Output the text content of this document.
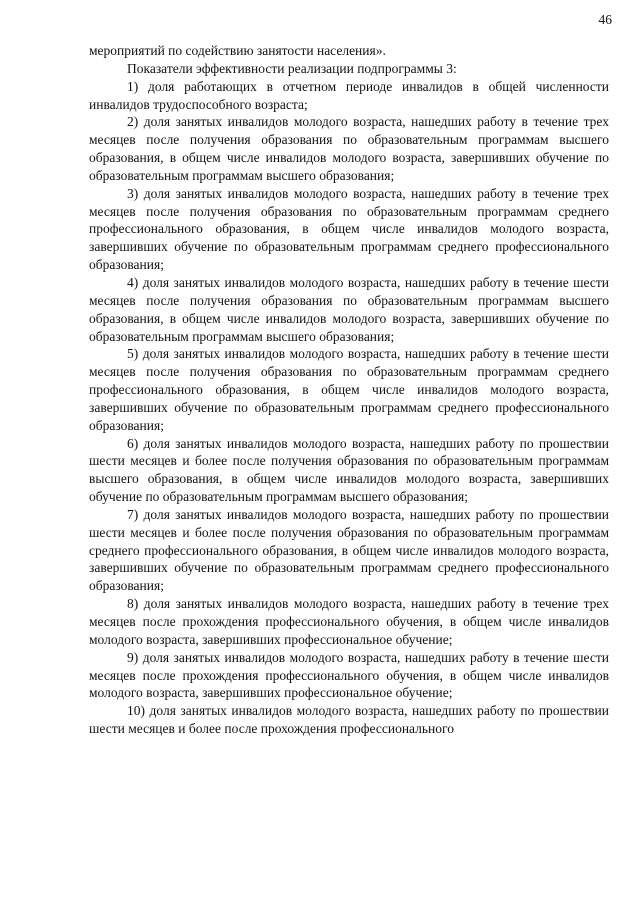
46

мероприятий по содействию занятости населения».

Показатели эффективности реализации подпрограммы 3:

1) доля работающих в отчетном периоде инвалидов в общей численности инвалидов трудоспособного возраста;

2) доля занятых инвалидов молодого возраста, нашедших работу в течение трех месяцев после получения образования по образовательным программам высшего образования, в общем числе инвалидов молодого возраста, завершивших обучение по образовательным программам высшего образования;

3) доля занятых инвалидов молодого возраста, нашедших работу в течение трех месяцев после получения образования по образовательным программам среднего профессионального образования, в общем числе инвалидов молодого возраста, завершивших обучение по образовательным программам среднего профессионального образования;

4) доля занятых инвалидов молодого возраста, нашедших работу в течение шести месяцев после получения образования по образовательным программам высшего образования, в общем числе инвалидов молодого возраста, завершивших обучение по образовательным программам высшего образования;

5) доля занятых инвалидов молодого возраста, нашедших работу в течение шести месяцев после получения образования по образовательным программам среднего профессионального образования, в общем числе инвалидов молодого возраста, завершивших обучение по образовательным программам среднего профессионального образования;

6) доля занятых инвалидов молодого возраста, нашедших работу по прошествии шести месяцев и более после получения образования по образовательным программам высшего образования, в общем числе инвалидов молодого возраста, завершивших обучение по образовательным программам высшего образования;

7) доля занятых инвалидов молодого возраста, нашедших работу по прошествии шести месяцев и более после получения образования по образовательным программам среднего профессионального образования, в общем числе инвалидов молодого возраста, завершивших обучение по образовательным программам среднего профессионального образования;

8) доля занятых инвалидов молодого возраста, нашедших работу в течение трех месяцев после прохождения профессионального обучения, в общем числе инвалидов молодого возраста, завершивших профессиональное обучение;

9) доля занятых инвалидов молодого возраста, нашедших работу в течение шести месяцев после прохождения профессионального обучения, в общем числе инвалидов молодого возраста, завершивших профессиональное обучение;

10) доля занятых инвалидов молодого возраста, нашедших работу по прошествии шести месяцев и более после прохождения профессионального
